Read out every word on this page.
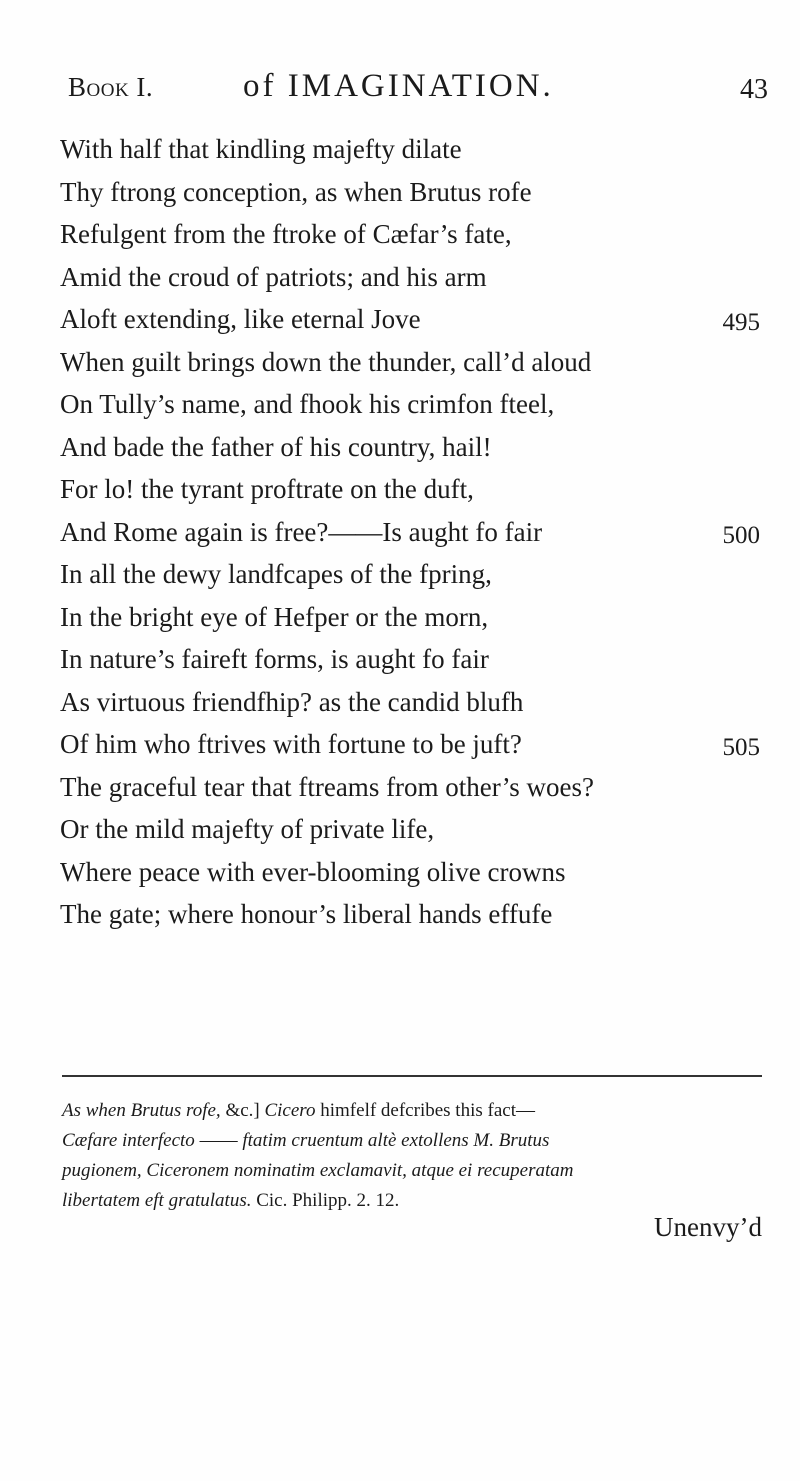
Book I.	of IMAGINATION.	43
With half that kindling majefty dilate
Thy ftrong conception, as when Brutus rofe
Refulgent from the ftroke of Cæfar’s fate,
Amid the croud of patriots; and his arm
Aloft extending, like eternal Jove	495
When guilt brings down the thunder, call’d aloud
On Tully’s name, and fhook his crimfon fteel,
And bade the father of his country, hail!
For lo! the tyrant proftrate on the duft,
And Rome again is free?——Is aught fo fair	500
In all the dewy landfcapes of the fpring,
In the bright eye of Hefper or the morn,
In nature’s faireft forms, is aught fo fair
As virtuous friendfhip? as the candid blufh
Of him who ftrives with fortune to be juft?	505
The graceful tear that ftreams from other’s woes?
Or the mild majefty of private life,
Where peace with ever-blooming olive crowns
The gate; where honour’s liberal hands effufe
As when Brutus rofe, &c.] Cicero himfelf defcribes this fact—
Cæfare interfecto —— ftatim cruentum altè extollens M. Brutus
pugionem, Ciceronem nominatim exclamavit, atque ei recuperatam
libertatem eft gratulatus. Cic. Philipp. 2. 12.
Unenvy’d
